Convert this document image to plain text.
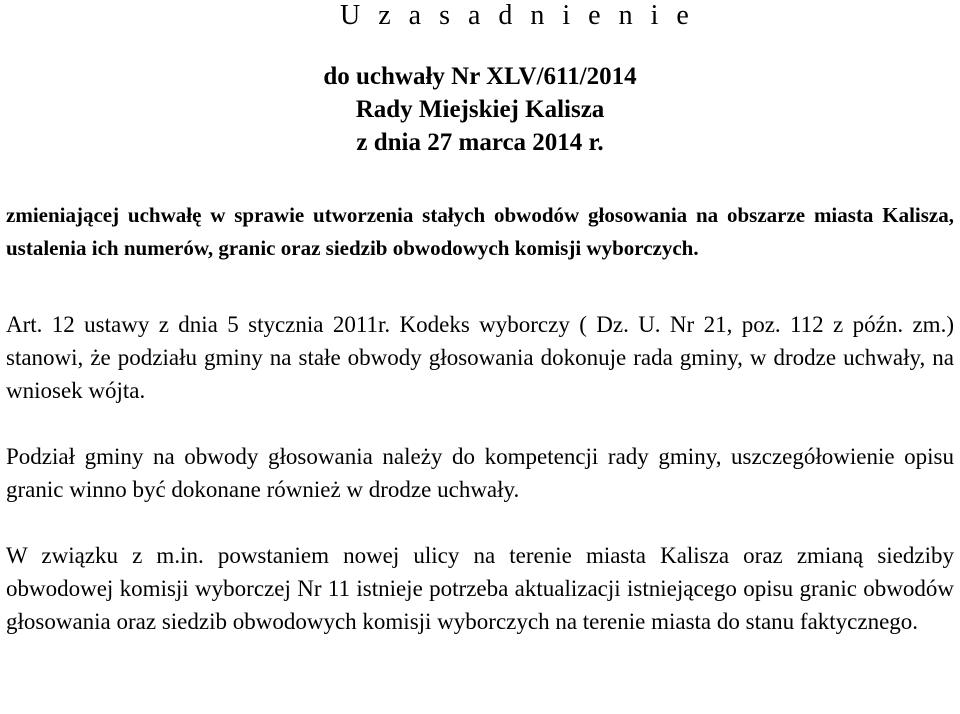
U z a s a d n i e n i e
do uchwały Nr XLV/611/2014
Rady Miejskiej Kalisza
z dnia 27 marca 2014 r.
zmieniającej uchwałę w sprawie utworzenia stałych obwodów głosowania na obszarze miasta Kalisza, ustalenia ich numerów, granic oraz siedzib obwodowych komisji wyborczych.

Art. 12 ustawy z dnia 5 stycznia 2011r. Kodeks wyborczy ( Dz. U. Nr 21, poz. 112 z późn. zm.) stanowi, że podziału gminy na stałe obwody głosowania dokonuje rada gminy, w drodze uchwały, na wniosek wójta.

Podział gminy na obwody głosowania należy do kompetencji rady gminy, uszczegółowienie opisu granic winno być dokonane również w drodze uchwały.

W związku z m.in. powstaniem nowej ulicy na terenie miasta Kalisza oraz zmianą siedziby obwodowej komisji wyborczej Nr 11 istnieje potrzeba aktualizacji istniejącego opisu granic obwodów głosowania oraz siedzib obwodowych komisji wyborczych na terenie miasta do stanu faktycznego.
